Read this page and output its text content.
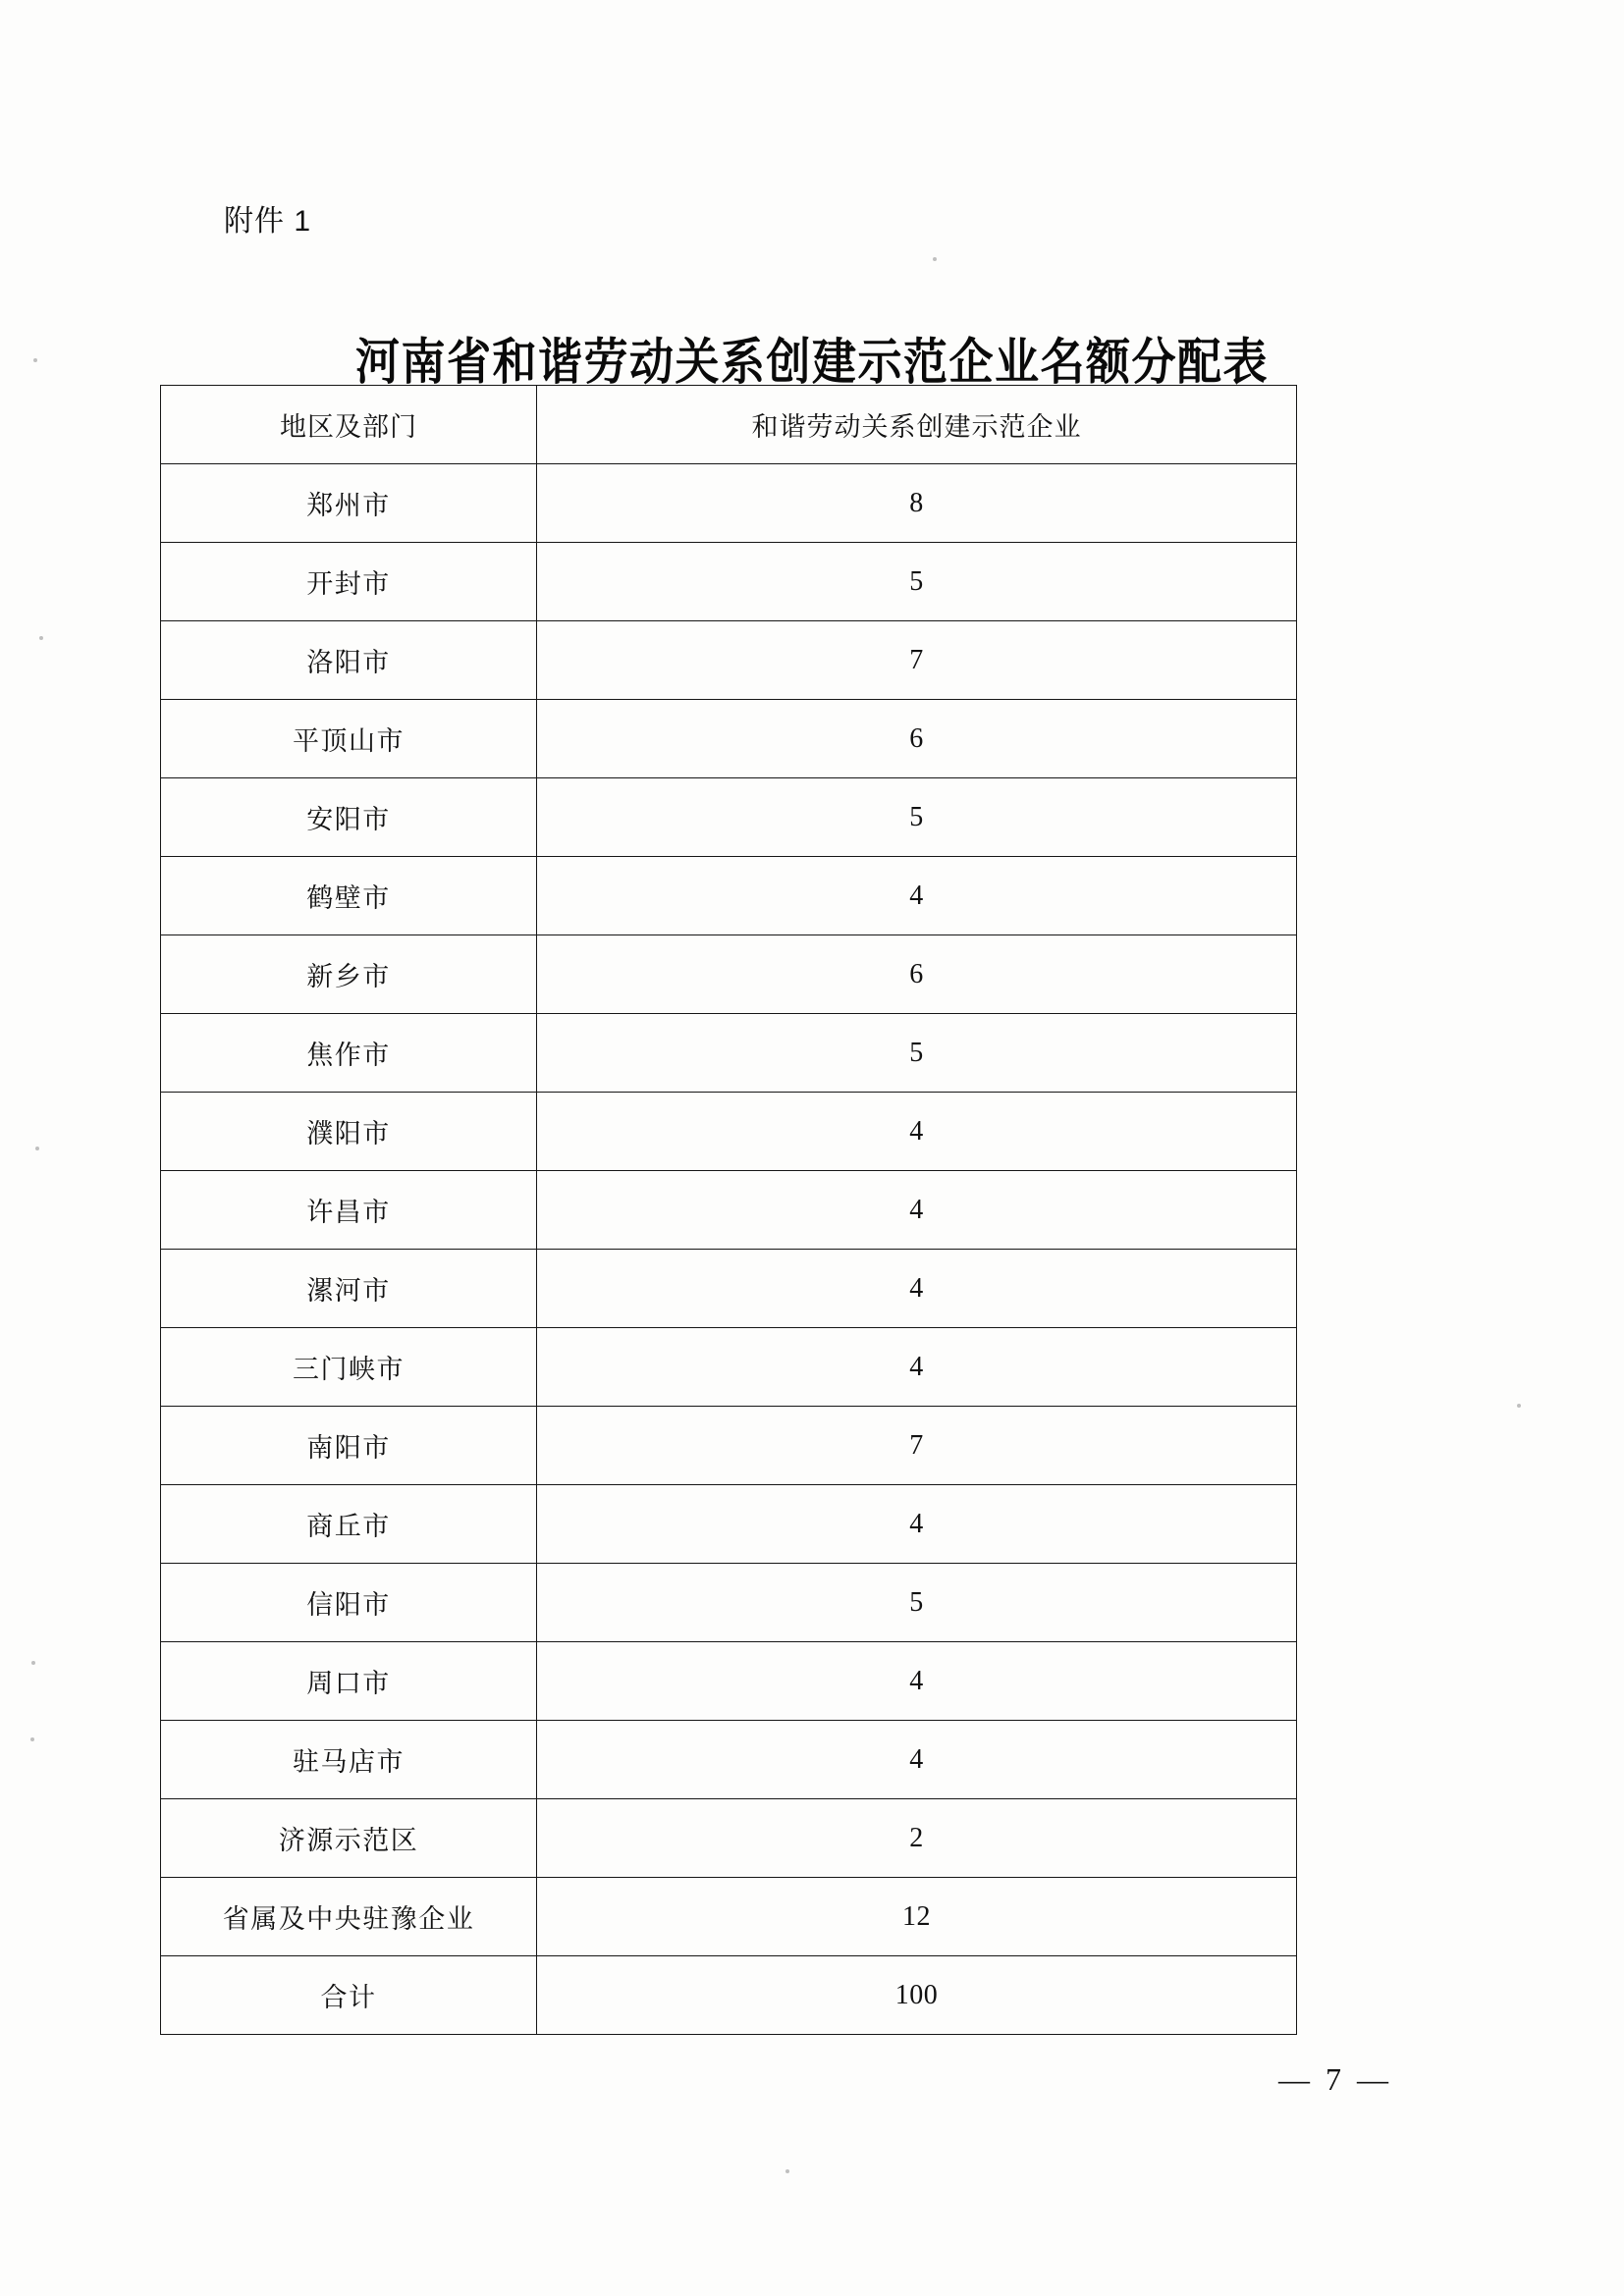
附件 1
河南省和谐劳动关系创建示范企业名额分配表
地区及部门	和谐劳动关系创建示范企业
郑州市	8
开封市	5
洛阳市	7
平顶山市	6
安阳市	5
鹤壁市	4
新乡市	6
焦作市	5
濮阳市	4
许昌市	4
漯河市	4
三门峡市	4
南阳市	7
商丘市	4
信阳市	5
周口市	4
驻马店市	4
济源示范区	2
省属及中央驻豫企业	12
合计	100
— 7 —
